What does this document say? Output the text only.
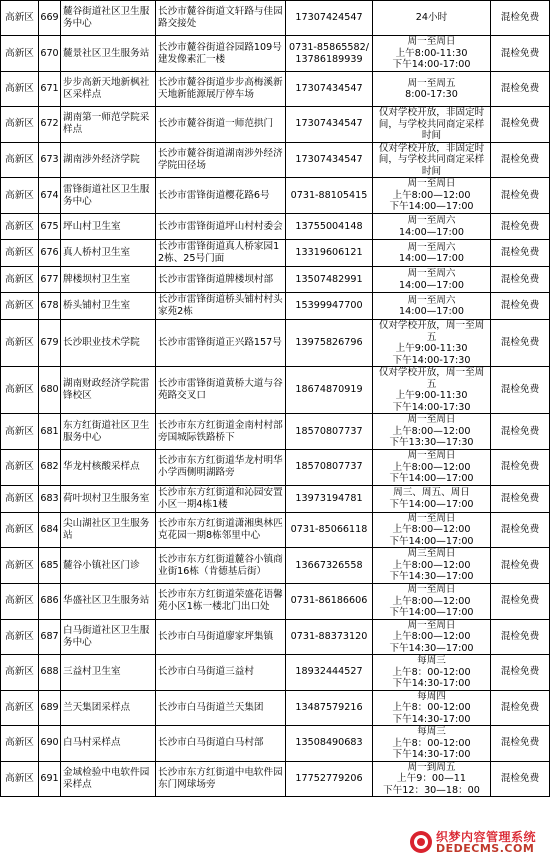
高新区	669	麓谷街道社区卫生服务中心	长沙市麓谷街道文轩路与佳园路交接处	17307424547	24小时	混检免费
高新区	670	麓景社区卫生服务站	长沙市麓谷街道谷园路109号建发像素汇一楼	0731-85865582/13786189939	周一至周日
上午8:00-11:30
下午14:00-17:00	混检免费
高新区	671	步步高新天地新枫社区采样点	长沙市麓谷街道步步高梅溪新天地新能源展厅停车场	17307434547	周一至周五
8:00-17:30	混检免费
高新区	672	湖南第一师范学院采样点	长沙市麓谷街道一师范拱门	17307434547	仅对学校开放，非固定时间，与学校共同商定采样时间	混检免费
高新区	673	湖南涉外经济学院	长沙市麓谷街道湖南涉外经济学院田径场	17307434547	仅对学校开放，非固定时间，与学校共同商定采样时间	混检免费
高新区	674	雷锋街道社区卫生服务中心	长沙市雷锋街道樱花路6号	0731-88105415	周一至周日
上午8:00—12:00
下午14:00—17:00	混检免费
高新区	675	坪山村卫生室	长沙市雷锋街道坪山村村委会	13755004148	周一至周六
14:00—17:00	混检免费
高新区	676	真人桥村卫生室	长沙市雷锋街道真人桥家园12栋、25号门面	13319606121	周一至周六
14:00—17:00	混检免费
高新区	677	牌楼坝村卫生室	长沙市雷锋街道牌楼坝村部	13507482991	周一至周六
14:00—17:00	混检免费
高新区	678	桥头铺村卫生室	长沙市雷锋街道桥头铺村村头家苑2栋	15399947700	周一至周六
14:00—17:00	混检免费
高新区	679	长沙职业技术学院	长沙市雷锋街道正兴路157号	13975826796	仅对学校开放，周一至周五
上午9:00-11:30
下午14:00-17:30	混检免费
高新区	680	湖南财政经济学院雷锋校区	长沙市雷锋街道黄桥大道与谷苑路交叉口	18674870919	仅对学校开放，周一至周五
上午9:00-11:30
下午14:00-17:30	混检免费
高新区	681	东方红街道社区卫生服务中心	长沙市东方红街道金南村村部旁国城际铁路桥下	18570807737	周一至周日
上午8:00—12:00
下午13:30—17:30	混检免费
高新区	682	华龙村核酸采样点	长沙市东方红街道华龙村明华小学西侧明湖路旁	18570807737	周一至周日
上午8:00—12:00
下午14:00—17:00	混检免费
高新区	683	荷叶坝村卫生服务室	长沙市东方红街道和沁园安置小区一期4栋1楼	13973194781	周三、周五、周日
下午14:00—17:00	混检免费
高新区	684	尖山湖社区卫生服务站	长沙市东方红街道潇湘奥林匹克花园一期8栋邻里中心	0731-85066118	周一至周日
上午8:00—12:00
下午14:00—17:00	混检免费
高新区	685	麓谷小镇社区门诊	长沙市东方红街道麓谷小镇商业街16栋（肯德基后街）	13667326558	周三至周日
上午8:00—12:00
下午14:30—17:00	混检免费
高新区	686	华盛社区卫生服务站	长沙市东方红街道荣盛花语馨苑小区1栋一楼北门出口处	0731-86186606	周一至周日
上午8:00—12:00
下午14:00—17:00	混检免费
高新区	687	白马街道社区卫生服务中心	长沙市白马街道廖家坪集镇	0731-88373120	周一至周日
上午8:00—12:00
下午14:30—17:00	混检免费
高新区	688	三益村卫生室	长沙市白马街道三益村	18932444527	每周三
上午8：00-12:00
下午14:30-17:00	混检免费
高新区	689	兰天集团采样点	长沙市白马街道兰天集团	13487579216	每周四
上午8：00-12:00
下午14:30-17:00	混检免费
高新区	690	白马村采样点	长沙市白马街道白马村部	13508490683	每周三
上午8：00-12:00
下午14:30-17:00	混检免费
高新区	691	金域检验中电软件园采样点	长沙市东方红街道中电软件园东门网球场旁	17752779206	周一到周五
上午9：00—11
下午12：30—18：00	混检免费
织梦内容管理系统
DEDECMS.COM
